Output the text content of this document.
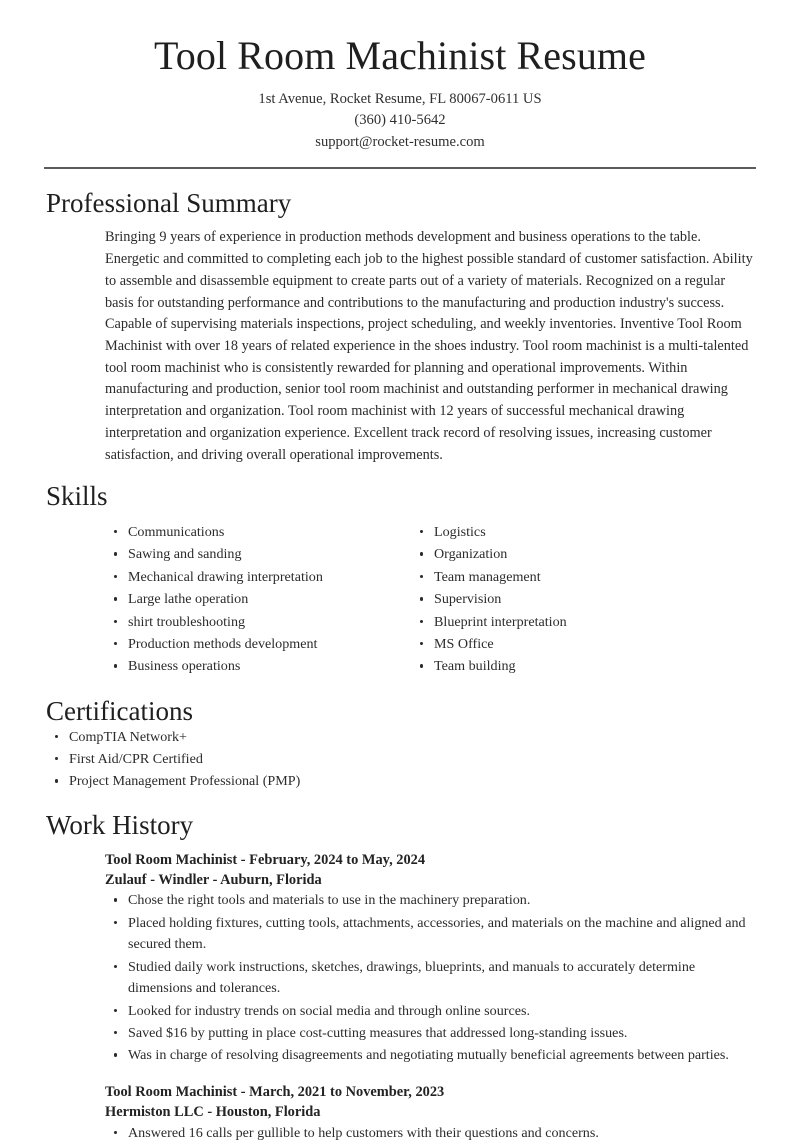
Tool Room Machinist Resume

1st Avenue, Rocket Resume, FL 80067-0611 US

(360) 410-5642

support@rocket-resume.com

Professional Summary

Bringing 9 years of experience in production methods development and business operations to the table. Energetic and committed to completing each job to the highest possible standard of customer satisfaction. Ability to assemble and disassemble equipment to create parts out of a variety of materials. Recognized on a regular basis for outstanding performance and contributions to the manufacturing and production industry's success. Capable of supervising materials inspections, project scheduling, and weekly inventories. Inventive Tool Room Machinist with over 18 years of related experience in the shoes industry. Tool room machinist is a multi-talented tool room machinist who is consistently rewarded for planning and operational improvements. Within manufacturing and production, senior tool room machinist and outstanding performer in mechanical drawing interpretation and organization. Tool room machinist with 12 years of successful mechanical drawing interpretation and organization experience. Excellent track record of resolving issues, increasing customer satisfaction, and driving overall operational improvements.

Skills
Communications
Sawing and sanding
Mechanical drawing interpretation
Large lathe operation
shirt troubleshooting
Production methods development
Business operations
Logistics
Organization
Team management
Supervision
Blueprint interpretation
MS Office
Team building
Certifications
CompTIA Network+
First Aid/CPR Certified
Project Management Professional (PMP)
Work History

Tool Room Machinist - February, 2024 to May, 2024

Zulauf - Windler - Auburn, Florida

Chose the right tools and materials to use in the machinery preparation.
Placed holding fixtures, cutting tools, attachments, accessories, and materials on the machine and aligned and secured them.
Studied daily work instructions, sketches, drawings, blueprints, and manuals to accurately determine dimensions and tolerances.
Looked for industry trends on social media and through online sources.
Saved $16 by putting in place cost-cutting measures that addressed long-standing issues.
Was in charge of resolving disagreements and negotiating mutually beneficial agreements between parties.

Tool Room Machinist - March, 2021 to November, 2023

Hermiston LLC - Houston, Florida

Answered 16 calls per gullible to help customers with their questions and concerns.
